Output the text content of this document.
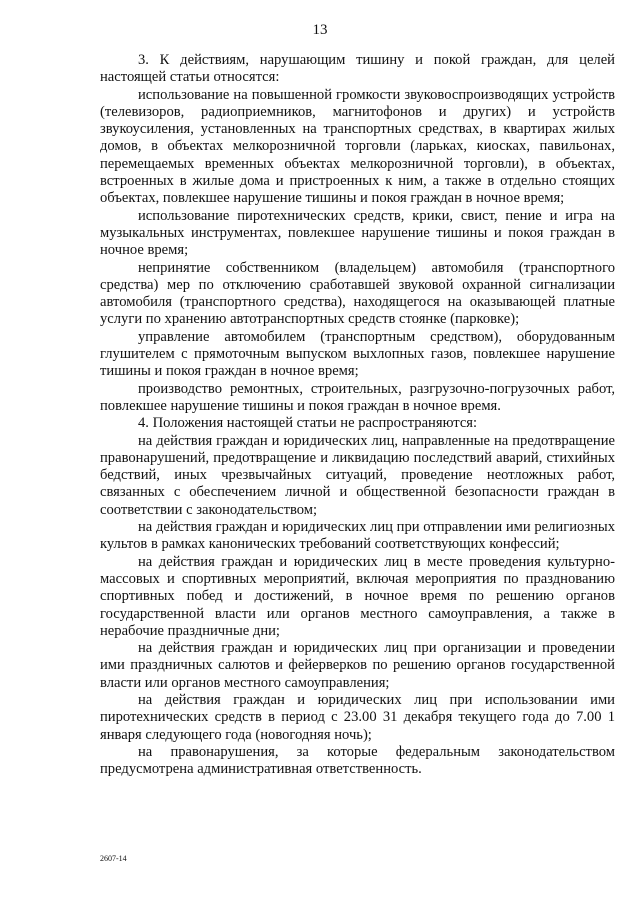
13

3. К действиям, нарушающим тишину и покой граждан, для целей настоящей статьи относятся:

использование на повышенной громкости звуковоспроизводящих устройств (телевизоров, радиоприемников, магнитофонов и других) и устройств звукоусиления, установленных на транспортных средствах, в квартирах жилых домов, в объектах мелкорозничной торговли (ларьках, киосках, павильонах, перемещаемых временных объектах мелкорозничной торговли), в объектах, встроенных в жилые дома и пристроенных к ним, а также в отдельно стоящих объектах, повлекшее нарушение тишины и покоя граждан в ночное время;

использование пиротехнических средств, крики, свист, пение и игра на музыкальных инструментах, повлекшее нарушение тишины и покоя граждан в ночное время;

непринятие собственником (владельцем) автомобиля (транспортного средства) мер по отключению сработавшей звуковой охранной сигнализации автомобиля (транспортного средства), находящегося на оказывающей платные услуги по хранению автотранспортных средств стоянке (парковке);

управление автомобилем (транспортным средством), оборудованным глушителем с прямоточным выпуском выхлопных газов, повлекшее нарушение тишины и покоя граждан в ночное время;

производство ремонтных, строительных, разгрузочно-погрузочных работ, повлекшее нарушение тишины и покоя граждан в ночное время.

4. Положения настоящей статьи не распространяются:

на действия граждан и юридических лиц, направленные на предотвращение правонарушений, предотвращение и ликвидацию последствий аварий, стихийных бедствий, иных чрезвычайных ситуаций, проведение неотложных работ, связанных с обеспечением личной и общественной безопасности граждан в соответствии с законодательством;

на действия граждан и юридических лиц при отправлении ими религиозных культов в рамках канонических требований соответствующих конфессий;

на действия граждан и юридических лиц в месте проведения культурно-массовых и спортивных мероприятий, включая мероприятия по празднованию спортивных побед и достижений, в ночное время по решению органов государственной власти или органов местного самоуправления, а также в нерабочие праздничные дни;

на действия граждан и юридических лиц при организации и проведении ими праздничных салютов и фейерверков по решению органов государственной власти или органов местного самоуправления;

на действия граждан и юридических лиц при использовании ими пиротехнических средств в период с 23.00 31 декабря текущего года до 7.00 1 января следующего года (новогодняя ночь);

на правонарушения, за которые федеральным законодательством предусмотрена административная ответственность.

2607-14
